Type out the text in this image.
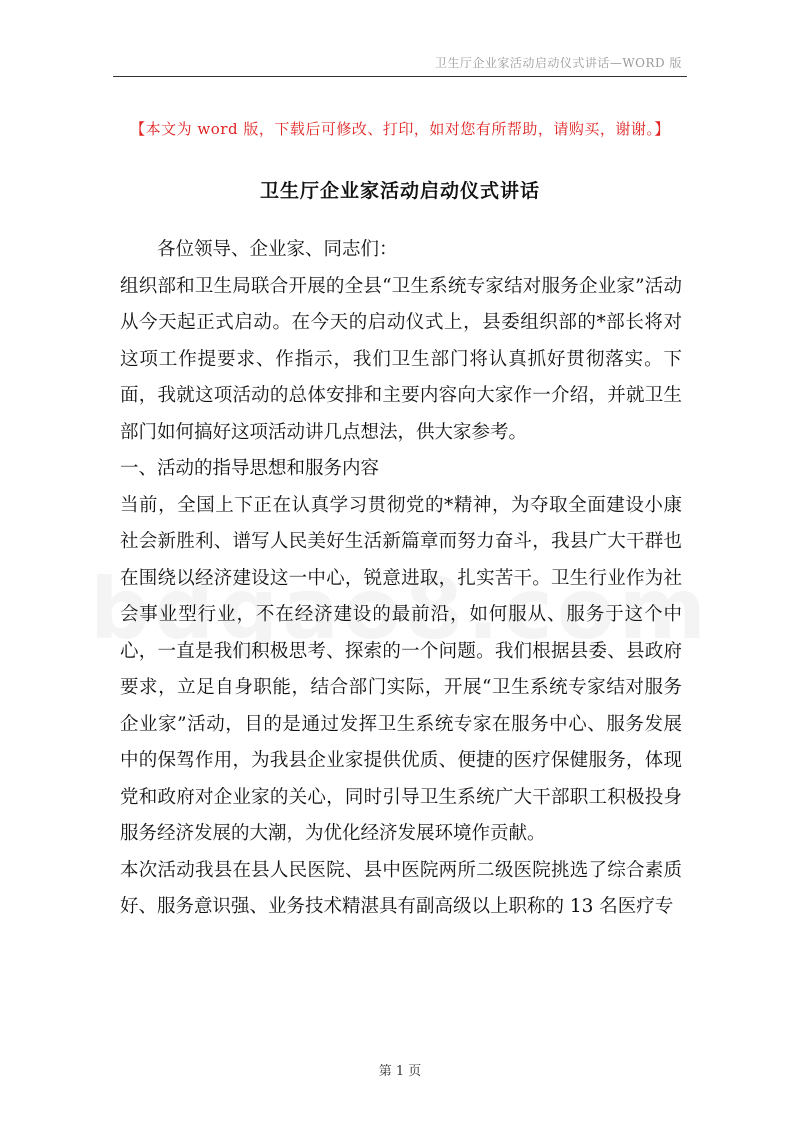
卫生厅企业家活动启动仪式讲话—WORD 版
【本文为 word 版，下载后可修改、打印，如对您有所帮助，请购买，谢谢。】
卫生厅企业家活动启动仪式讲话

各位领导、企业家、同志们：

组织部和卫生局联合开展的全县“卫生系统专家结对服务企业家”活动从今天起正式启动。在今天的启动仪式上，县委组织部的*部长将对这项工作提要求、作指示，我们卫生部门将认真抓好贯彻落实。下面，我就这项活动的总体安排和主要内容向大家作一介绍，并就卫生部门如何搞好这项活动讲几点想法，供大家参考。

一、活动的指导思想和服务内容

当前，全国上下正在认真学习贯彻党的*精神，为夺取全面建设小康社会新胜利、谱写人民美好生活新篇章而努力奋斗，我县广大干群也在围绕以经济建设这一中心，锐意进取，扎实苦干。卫生行业作为社会事业型行业，不在经济建设的最前沿，如何服从、服务于这个中心，一直是我们积极思考、探索的一个问题。我们根据县委、县政府要求，立足自身职能，结合部门实际，开展“卫生系统专家结对服务企业家”活动，目的是通过发挥卫生系统专家在服务中心、服务发展中的保驾作用，为我县企业家提供优质、便捷的医疗保健服务，体现党和政府对企业家的关心，同时引导卫生系统广大干部职工积极投身服务经济发展的大潮，为优化经济发展环境作贡献。

本次活动我县在县人民医院、县中医院两所二级医院挑选了综合素质好、服务意识强、业务技术精湛具有副高级以上职称的 13 名医疗专

第 1 页
